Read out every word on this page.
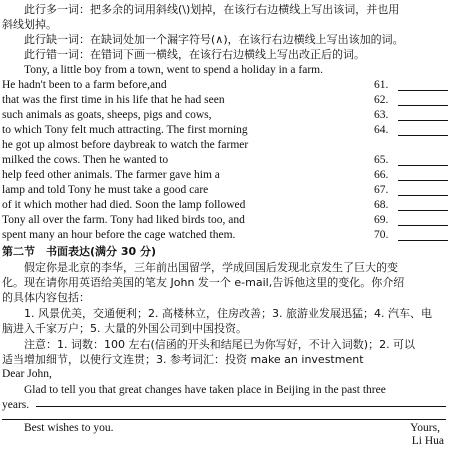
此行多一词：把多余的词用斜线(\)划掉，在该行右边横线上写出该词，并也用
斜线划掉。
此行缺一词：在缺词处加一个漏字符号(∧)，在该行右边横线上写出该加的词。
此行错一词：在错词下画一横线，在该行右边横线上写出改正后的词。
Tony, a little boy from a town, went to spend a holiday in a farm.
He hadn't been to a farm before,and	61.
that was the first time in his life that he had seen	62.
such animals as goats, sheeps, pigs and cows,	63.
to which Tony felt much attracting. The first morning	64.
he got up almost before daybreak to watch the farmer
milked the cows. Then he wanted to	65.
help feed other animals. The farmer gave him a	66.
lamp and told Tony he must take a good care	67.
of it which mother had died. Soon the lamp followed	68.
Tony all over the farm. Tony had liked birds too, and	69.
spent many an hour before the cage watched them.	70.
第二节　书面表达(满分 30 分)
假定你是北京的李华，三年前出国留学，学成回国后发现北京发生了巨大的变
化。现在请你用英语给美国的笔友 John 发一个 e-mail,告诉他这里的变化。你介绍
的具体内容包括：
1. 风景优美，交通便利；2. 高楼林立，住房改善；3. 旅游业发展迅猛；4. 汽车、电
脑进入千家万户；5. 大量的外国公司到中国投资。
注意：1. 词数：100 左右(信函的开头和结尾已为你写好，不计入词数)；2. 可以
适当增加细节，以使行文连贯；3. 参考词汇：投资 make an investment
Dear John,
Glad to tell you that great changes have taken place in Beijing in the past three
years.
Best wishes to you.	Yours,
Li Hua
